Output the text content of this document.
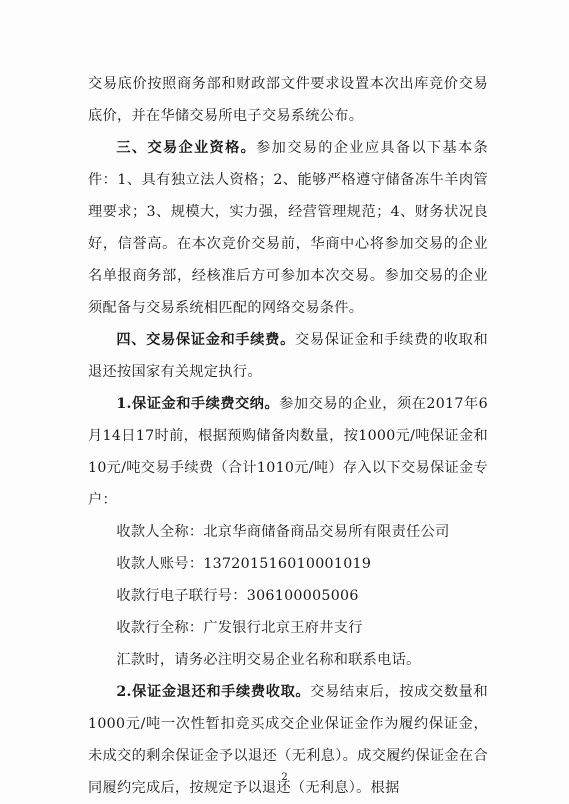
交易底价按照商务部和财政部文件要求设置本次出库竞价交易底价，并在华储交易所电子交易系统公布。

三、交易企业资格。参加交易的企业应具备以下基本条件：1、具有独立法人资格；2、能够严格遵守储备冻牛羊肉管理要求；3、规模大，实力强，经营管理规范；4、财务状况良好，信誉高。在本次竞价交易前，华商中心将参加交易的企业名单报商务部，经核准后方可参加本次交易。参加交易的企业须配备与交易系统相匹配的网络交易条件。

四、交易保证金和手续费。交易保证金和手续费的收取和退还按国家有关规定执行。

1.保证金和手续费交纳。参加交易的企业，须在2017年6月14日17时前，根据预购储备肉数量，按1000元/吨保证金和10元/吨交易手续费（合计1010元/吨）存入以下交易保证金专户：

收款人全称：北京华商储备商品交易所有限责任公司

收款人账号：137201516010001019

收款行电子联行号：306100005006

收款行全称：广发银行北京王府井支行

汇款时，请务必注明交易企业名称和联系电话。

2.保证金退还和手续费收取。交易结束后，按成交数量和1000元/吨一次性暂扣竞买成交企业保证金作为履约保证金，未成交的剩余保证金予以退还（无利息）。成交履约保证金在合同履约完成后，按规定予以退还（无利息）。根据

2
